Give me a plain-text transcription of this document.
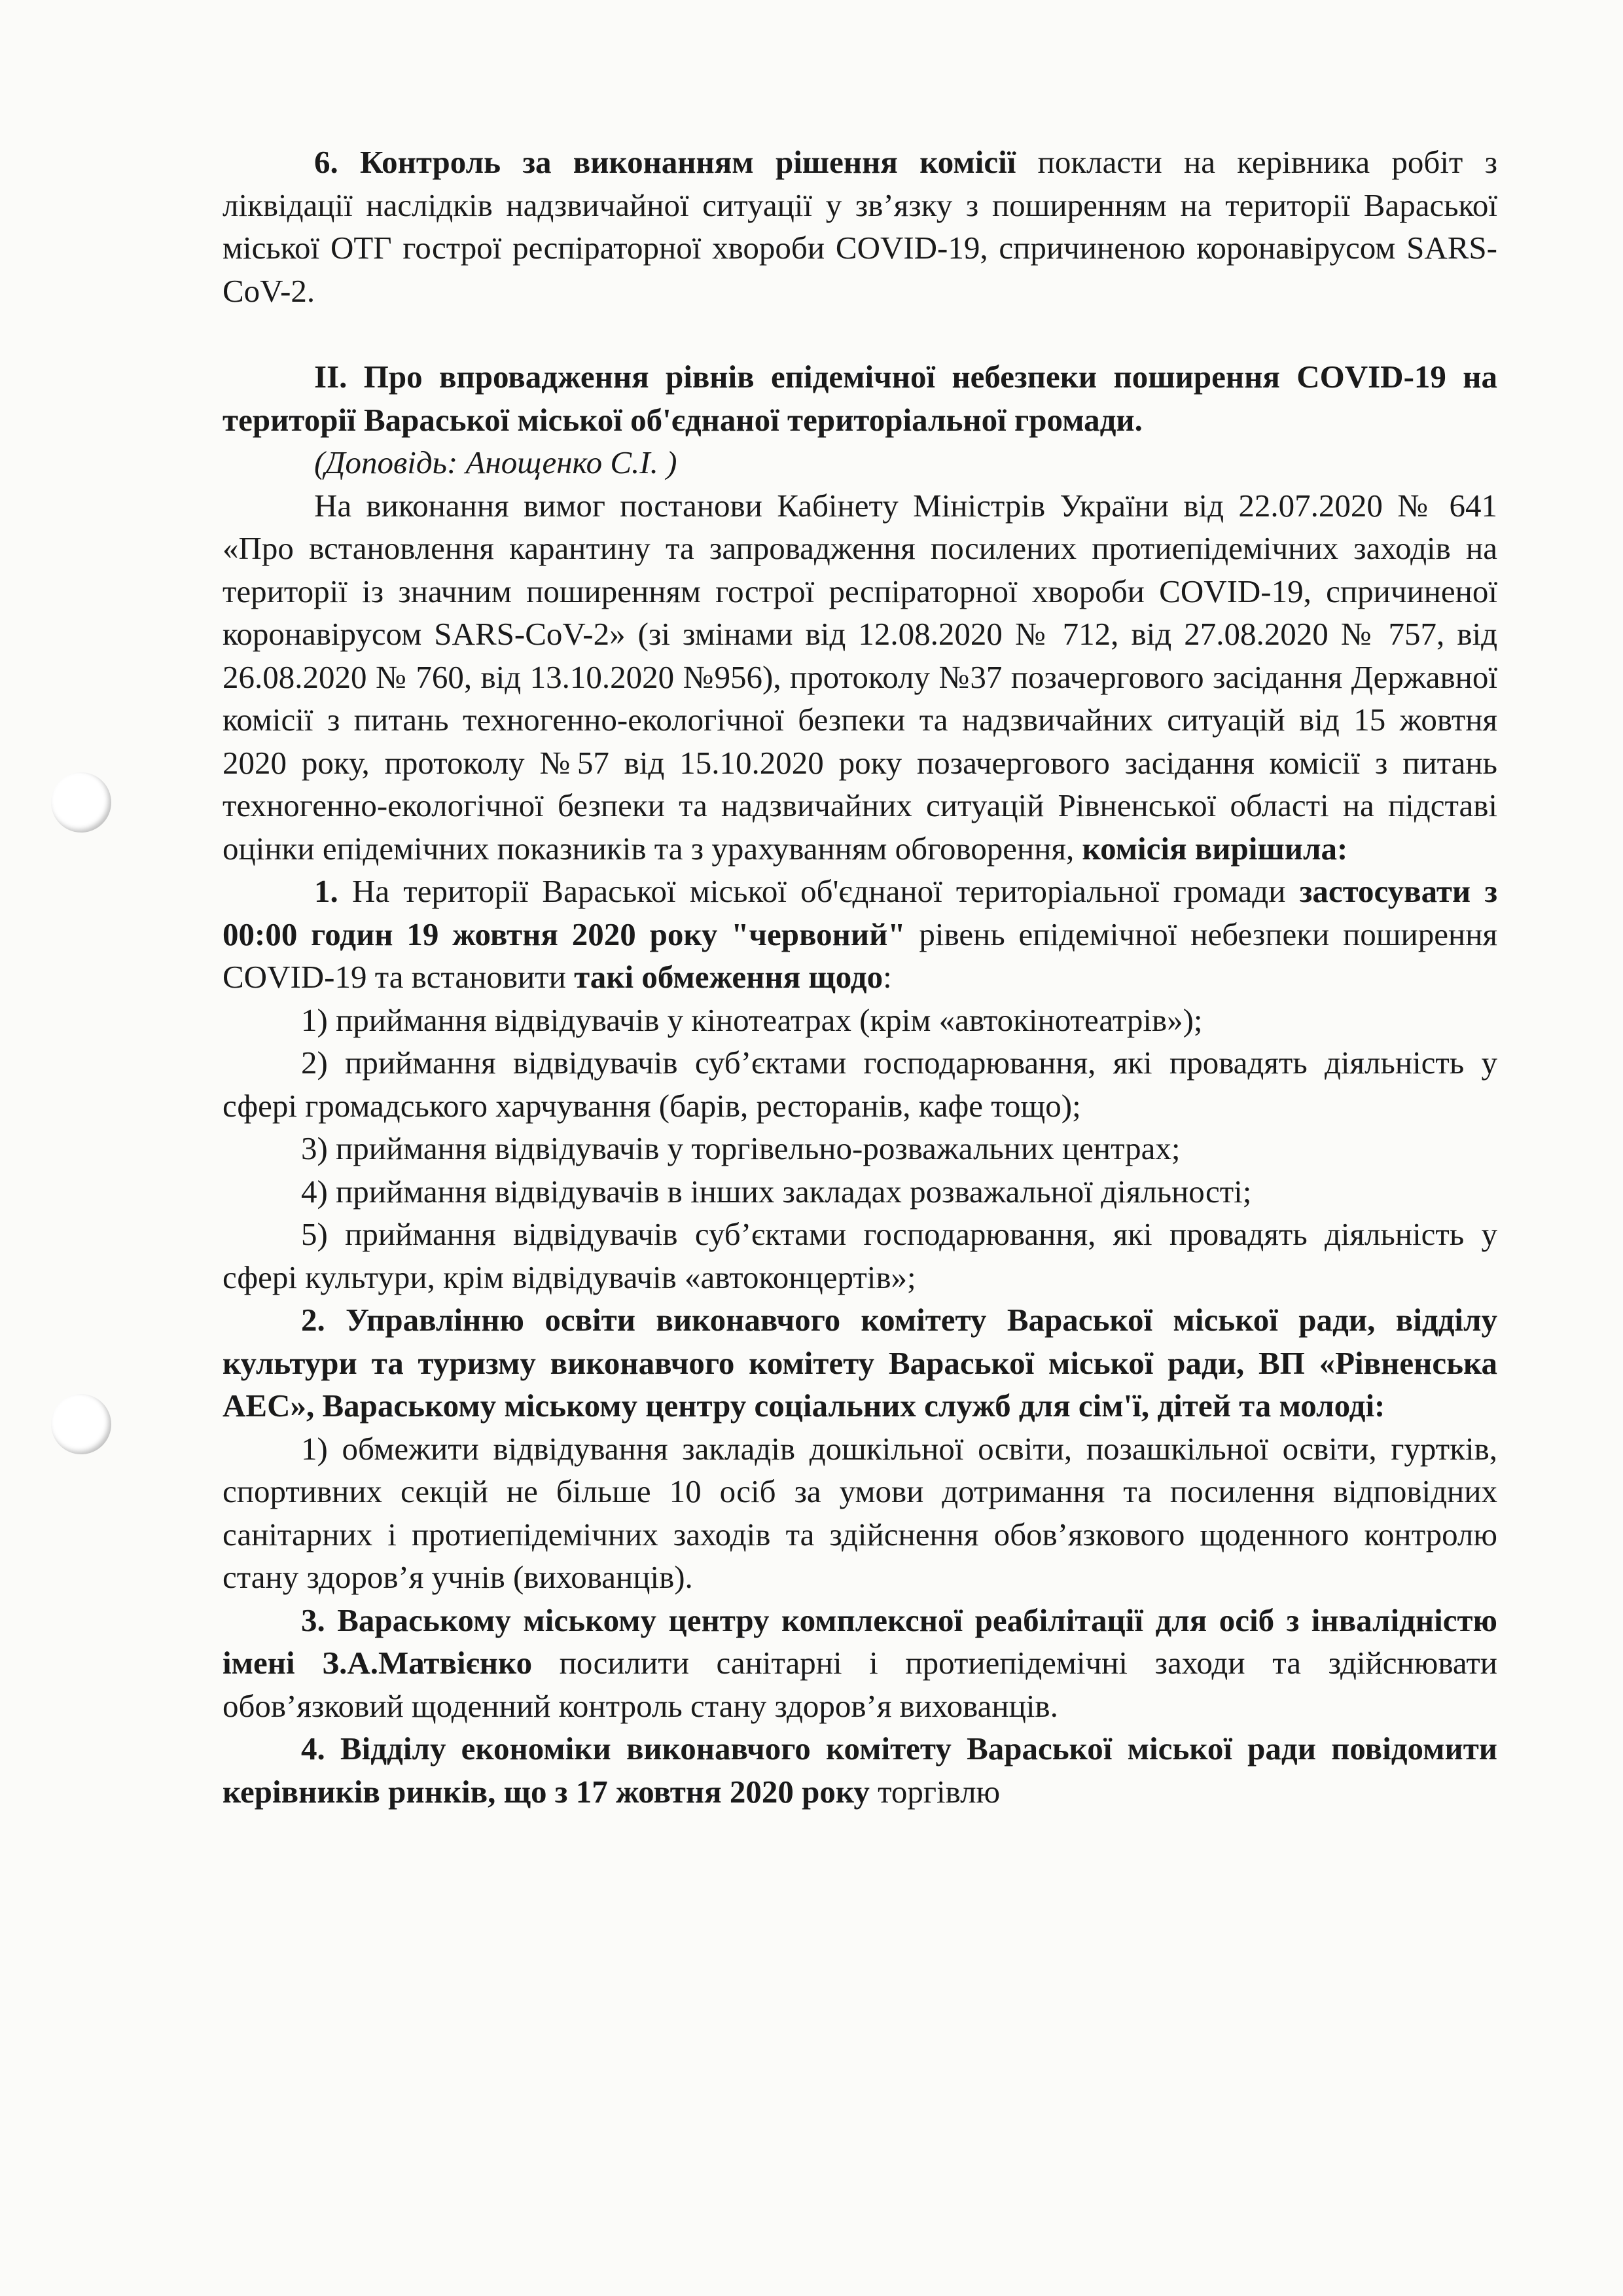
6. Контроль за виконанням рішення комісії покласти на керівника робіт з ліквідації наслідків надзвичайної ситуації у зв’язку з поширенням на території Вараської міської ОТГ гострої респіраторної хвороби COVID-19, спричиненою коронавірусом SARS-CoV-2.

ІІ. Про впровадження рівнів епідемічної небезпеки поширення COVID-19 на території Вараської міської об'єднаної територіальної громади.

(Доповідь: Анощенко С.І. )

На виконання вимог постанови Кабінету Міністрів України від 22.07.2020 № 641 «Про встановлення карантину та запровадження посилених протиепідемічних заходів на території із значним поширенням гострої респіраторної хвороби COVID-19, спричиненої коронавірусом SARS-CoV-2» (зі змінами від 12.08.2020 № 712, від 27.08.2020 № 757, від 26.08.2020 № 760, від 13.10.2020 №956), протоколу №37 позачергового засідання Державної комісії з питань техногенно-екологічної безпеки та надзвичайних ситуацій від 15 жовтня 2020 року, протоколу №57 від 15.10.2020 року позачергового засідання комісії з питань техногенно-екологічної безпеки та надзвичайних ситуацій Рівненської області на підставі оцінки епідемічних показників та з урахуванням обговорення, комісія вирішила:

1. На території Вараської міської об'єднаної територіальної громади застосувати з 00:00 годин 19 жовтня 2020 року "червоний" рівень епідемічної небезпеки поширення COVID-19 та встановити такі обмеження щодо:

1) приймання відвідувачів у кінотеатрах (крім «автокінотеатрів»);

2) приймання відвідувачів суб’єктами господарювання, які провадять діяльність у сфері громадського харчування (барів, ресторанів, кафе тощо);

3) приймання відвідувачів у торгівельно-розважальних центрах;

4) приймання відвідувачів в інших закладах розважальної діяльності;

5) приймання відвідувачів суб’єктами господарювання, які провадять діяльність у сфері культури, крім відвідувачів «автоконцертів»;

2. Управлінню освіти виконавчого комітету Вараської міської ради, відділу культури та туризму виконавчого комітету Вараської міської ради, ВП «Рівненська АЕС», Вараському міському центру соціальних служб для сім'ї, дітей та молоді:

1) обмежити відвідування закладів дошкільної освіти, позашкільної освіти, гуртків, спортивних секцій не більше 10 осіб за умови дотримання та посилення відповідних санітарних і протиепідемічних заходів та здійснення обов’язкового щоденного контролю стану здоров’я учнів (вихованців).

3. Вараському міському центру комплексної реабілітації для осіб з інвалідністю імені З.А.Матвієнко посилити санітарні і протиепідемічні заходи та здійснювати обов’язковий щоденний контроль стану здоров’я вихованців.

4. Відділу економіки виконавчого комітету Вараської міської ради повідомити керівників ринків, що з 17 жовтня 2020 року торгівлю
